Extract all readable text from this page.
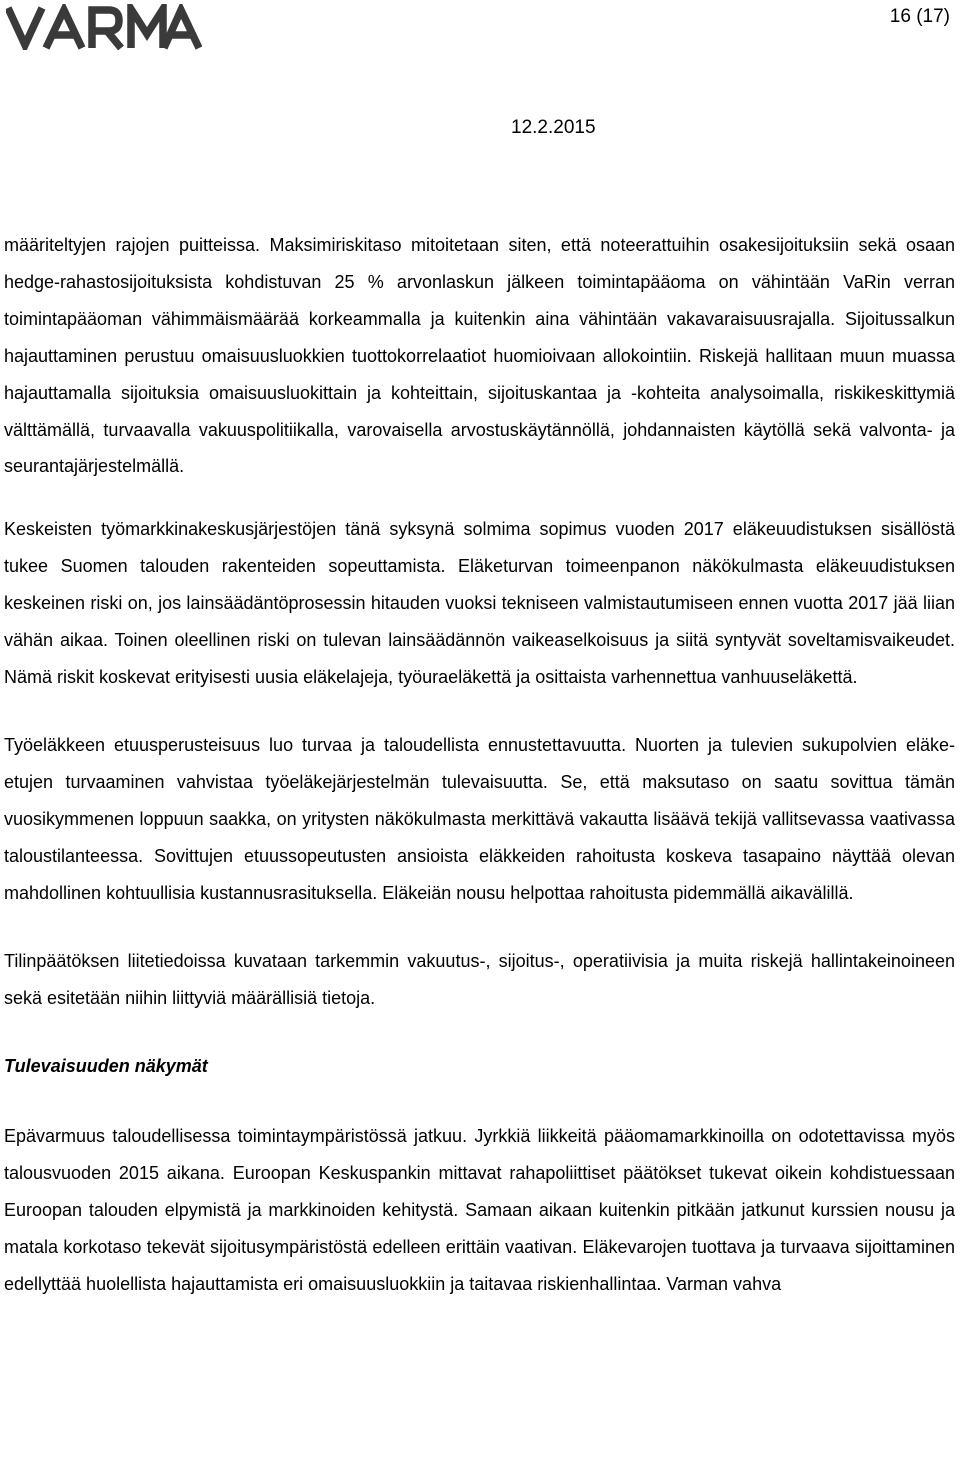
16 (17)
12.2.2015

määriteltyjen rajojen puitteissa. Maksimiriskitaso mitoitetaan siten, että noteerattuihin osakesijoituksiin sekä osaan hedge-rahastosijoituksista kohdistuvan 25 % arvonlaskun jälkeen toimintapääoma on vähintään VaRin verran toimintapääoman vähimmäismäärää korkeammalla ja kuitenkin aina vähintään vakavaraisuusrajalla. Sijoitussalkun hajauttaminen perustuu omaisuusluokkien tuottokorrelaatiot huomioivaan allokointiin. Riskejä hallitaan muun muassa hajauttamalla sijoituksia omaisuusluokittain ja kohteittain, sijoituskantaa ja -kohteita analysoimalla, riskikeskittymiä välttämällä, turvaavalla vakuuspolitiikalla, varovaisella arvostuskäytännöllä, johdannaisten käytöllä sekä valvonta- ja seurantajärjestelmällä.

Keskeisten työmarkkinakeskusjärjestöjen tänä syksynä solmima sopimus vuoden 2017 eläkeuudistuksen sisällöstä tukee Suomen talouden rakenteiden sopeuttamista. Eläketurvan toimeenpanon näkökulmasta eläkeuudistuksen keskeinen riski on, jos lainsäädäntöprosessin hitauden vuoksi tekniseen valmistautumiseen ennen vuotta 2017 jää liian vähän aikaa. Toinen oleellinen riski on tulevan lainsäädännön vaikeaselkoisuus ja siitä syntyvät soveltamisvaikeudet. Nämä riskit koskevat erityisesti uusia eläkelajeja, työuraeläkettä ja osittaista varhennettua vanhuuseläkettä.

Työeläkkeen etuusperusteisuus luo turvaa ja taloudellista ennustettavuutta. Nuorten ja tulevien sukupolvien eläke-etujen turvaaminen vahvistaa työeläkejärjestelmän tulevaisuutta. Se, että maksutaso on saatu sovittua tämän vuosikymmenen loppuun saakka, on yritysten näkökulmasta merkittävä vakautta lisäävä tekijä vallitsevassa vaativassa taloustilanteessa. Sovittujen etuussopeutusten ansioista eläkkeiden rahoitusta koskeva tasapaino näyttää olevan mahdollinen kohtuullisia kustannusrasituksella. Eläkeiän nousu helpottaa rahoitusta pidemmällä aikavälillä.

Tilinpäätöksen liitetiedoissa kuvataan tarkemmin vakuutus-, sijoitus-, operatiivisia ja muita riskejä hallintakeinoineen sekä esitetään niihin liittyviä määrällisiä tietoja.

Tulevaisuuden näkymät

Epävarmuus taloudellisessa toimintaympäristössä jatkuu. Jyrkkiä liikkeitä pääomamarkkinoilla on odotettavissa myös talousvuoden 2015 aikana. Euroopan Keskuspankin mittavat rahapoliittiset päätökset tukevat oikein kohdistuessaan Euroopan talouden elpymistä ja markkinoiden kehitystä. Samaan aikaan kuitenkin pitkään jatkunut kurssien nousu ja matala korkotaso tekevät sijoitusympäristöstä edelleen erittäin vaativan. Eläkevarojen tuottava ja turvaava sijoittaminen edellyttää huolellista hajauttamista eri omaisuusluokkiin ja taitavaa riskienhallintaa. Varman vahva
